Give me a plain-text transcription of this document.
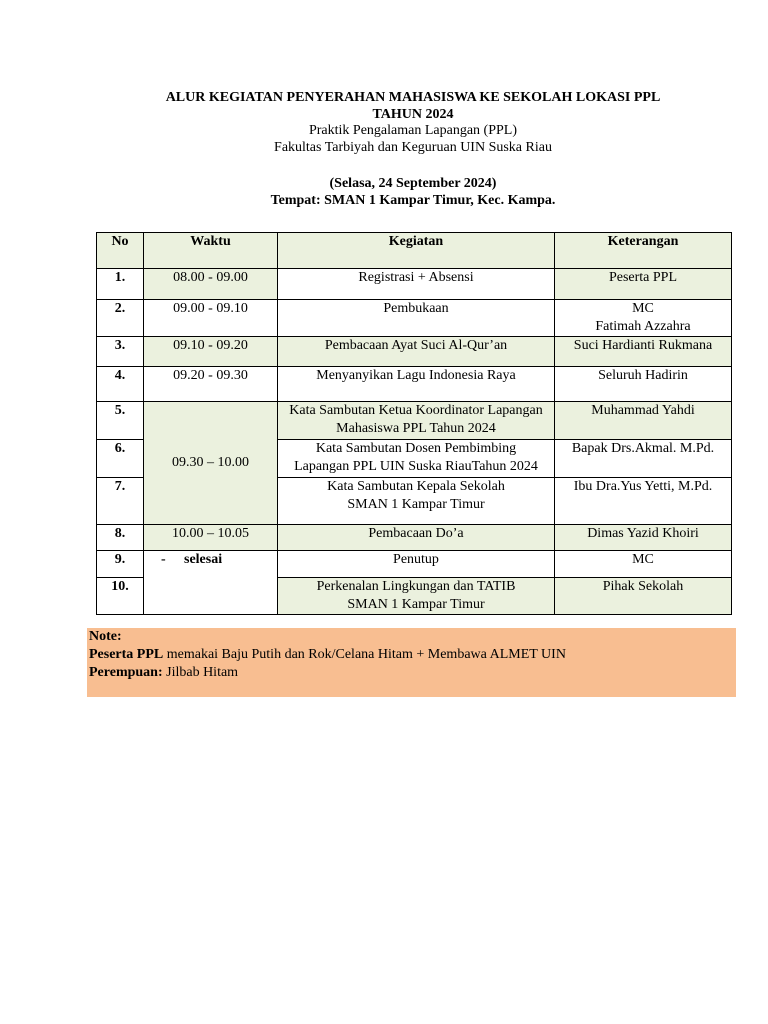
ALUR KEGIATAN PENYERAHAN MAHASISWA KE SEKOLAH LOKASI PPL
TAHUN 2024
Praktik Pengalaman Lapangan (PPL)
Fakultas Tarbiyah dan Keguruan UIN Suska Riau
(Selasa, 24 September 2024)
Tempat: SMAN 1 Kampar Timur, Kec. Kampa.
No	Waktu	Kegiatan	Keterangan
1.	08.00 - 09.00	Registrasi + Absensi	Peserta PPL
2.	09.00 - 09.10	Pembukaan	MC
Fatimah Azzahra

3.	09.10 - 09.20	Pembacaan Ayat Suci Al-Qur’an	Suci Hardianti Rukmana
4.	09.20 - 09.30	Menyanyikan Lagu Indonesia Raya	Seluruh Hadirin
5.	09.30 – 10.00	Kata Sambutan Ketua Koordinator Lapangan
Mahasiswa PPL Tahun 2024	Muhammad Yahdi
6.		Kata Sambutan Dosen Pembimbing
Lapangan PPL UIN Suska RiauTahun 2024	Bapak Drs.Akmal. M.Pd.
7.		Kata Sambutan Kepala Sekolah
SMAN 1 Kampar Timur	Ibu Dra.Yus Yetti, M.Pd.
8.	10.00 – 10.05	Pembacaan Do’a	Dimas Yazid Khoiri
9.	- selesai	Penutup	MC
10.		Perkenalan Lingkungan dan TATIB
SMAN 1 Kampar Timur	Pihak Sekolah
Note:
Peserta PPL memakai Baju Putih dan Rok/Celana Hitam + Membawa ALMET UIN
Perempuan: Jilbab Hitam
